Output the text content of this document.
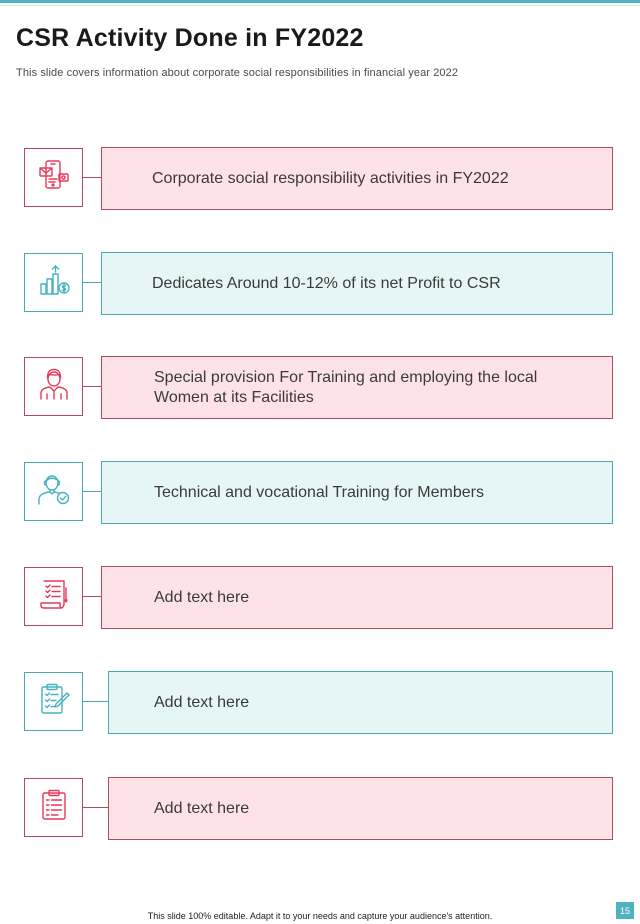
CSR Activity Done in FY2022

This slide covers information about corporate social responsibilities in financial year 2022

Corporate social responsibility activities in FY2022
Dedicates Around 10-12% of its net Profit to CSR
Special provision For Training and employing the local Women at its Facilities
Technical and vocational Training for Members
Add text here
Add text here
Add text here
This slide 100% editable. Adapt it to your needs and capture your audience's attention.
15
